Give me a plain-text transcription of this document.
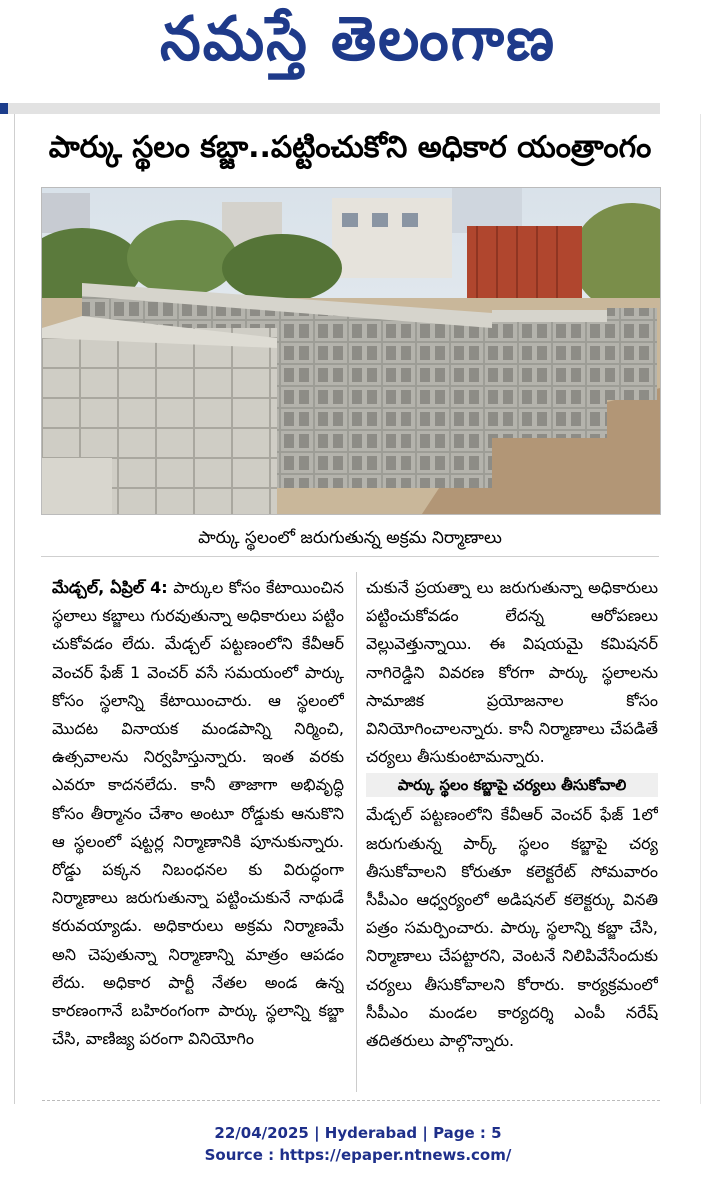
నమస్తే తెలంగాణ
పార్కు స్థలం కబ్జా..పట్టించుకోని అధికార యంత్రాంగం
పార్కు స్థలంలో జరుగుతున్న అక్రమ నిర్మాణాలు

మేడ్చల్, ఏప్రిల్ 4: పార్కుల కోసం కేటాయించిన స్థలాలు కబ్జాలు గురవుతున్నా అధికారులు పట్టిం చుకోవడం లేదు. మేడ్చల్ పట్టణంలోని కేవీఆర్ వెంచర్ ఫేజ్ 1 వెంచర్ వసే సమయంలో పార్కు కోసం స్థలాన్ని కేటాయించారు. ఆ స్థలంలో మొదట వినాయక మండపాన్ని నిర్మించి, ఉత్సవాలను నిర్వహిస్తున్నారు. ఇంత వరకు ఎవరూ కాదనలేదు. కానీ తాజాగా అభివృద్ధి కోసం తీర్మానం చేశాం అంటూ రోడ్డుకు ఆనుకొని ఆ స్థలంలో షట్టర్ల నిర్మాణానికి పూనుకున్నారు. రోడ్డు పక్కన నిబంధనల కు విరుద్ధంగా నిర్మాణాలు జరుగుతున్నా పట్టించుకునే నాథుడే కరువయ్యాడు. అధికారులు అక్రమ నిర్మాణమే అని చెపుతున్నా నిర్మాణాన్ని మాత్రం ఆపడం లేదు. అధికార పార్టీ నేతల అండ ఉన్న కారణంగానే బహిరంగంగా పార్కు స్థలాన్ని కబ్జా చేసి, వాణిజ్య పరంగా వినియోగిం

చుకునే ప్రయత్నా లు జరుగుతున్నా అధికారులు పట్టించుకోవడం లేదన్న ఆరోపణలు వెల్లువెత్తున్నాయి. ఈ విషయమై కమిషనర్ నాగిరెడ్డిని వివరణ కోరగా పార్కు స్థలాలను సామాజిక ప్రయోజనాల కోసం వినియోగించాలన్నారు. కానీ నిర్మాణాలు చేపడితే చర్యలు తీసుకుంటామన్నారు.

పార్కు స్థలం కబ్జాపై చర్యలు తీసుకోవాలి

మేడ్చల్ పట్టణంలోని కేవీఆర్ వెంచర్ ఫేజ్ 1లో జరుగుతున్న పార్క్ స్థలం కబ్జాపై చర్య తీసుకోవాలని కోరుతూ కలెక్టరేట్ సోమవారం సీపీఎం ఆధ్వర్యంలో అడిషనల్ కలెక్టర్కు వినతి పత్రం సమర్పించారు. పార్కు స్థలాన్ని కబ్జా చేసి, నిర్మాణాలు చేపట్టారని, వెంటనే నిలిపివేసేందుకు చర్యలు తీసుకోవాలని కోరారు. కార్యక్రమంలో సీపీఎం మండల కార్యదర్శి ఎంపీ నరేష్ తదితరులు పాల్గొన్నారు.

22/04/2025 | Hyderabad | Page : 5
Source : https://epaper.ntnews.com/
